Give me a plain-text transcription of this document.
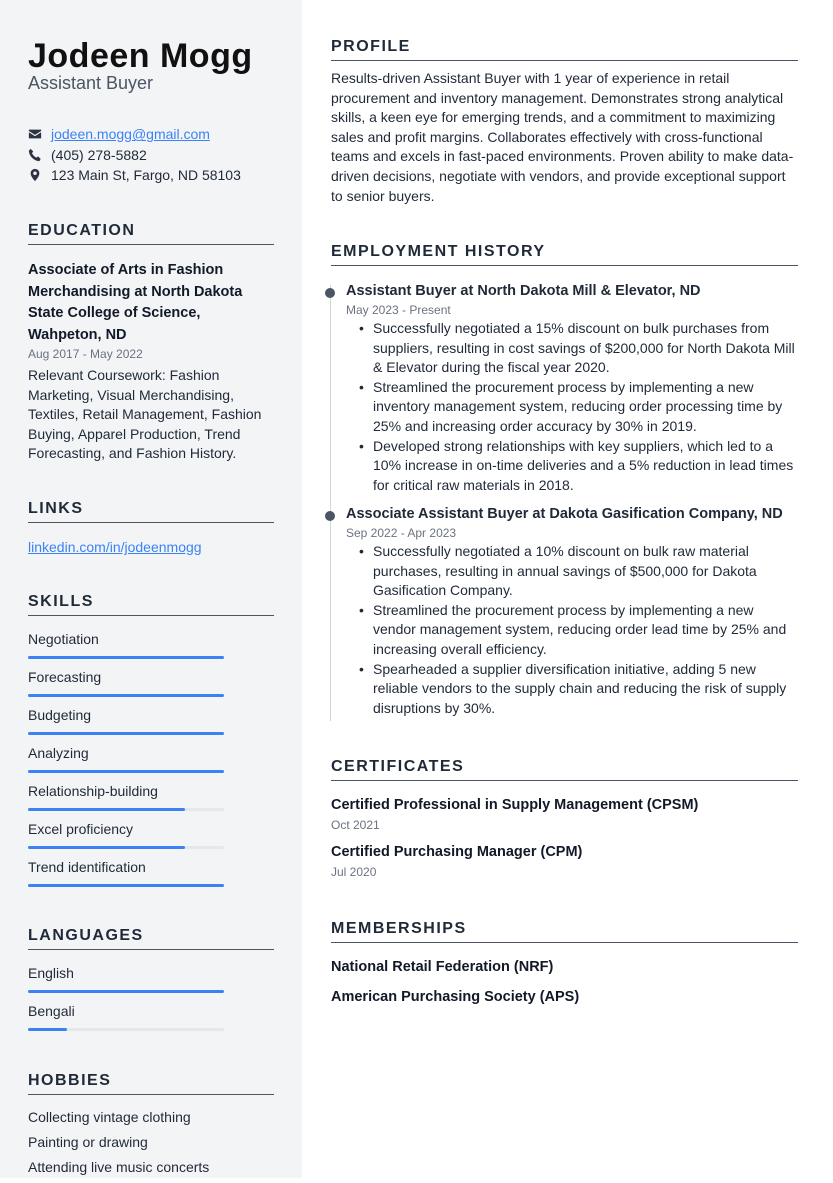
Jodeen Mogg
Assistant Buyer
jodeen.mogg@gmail.com
(405) 278-5882
123 Main St, Fargo, ND 58103
EDUCATION
Associate of Arts in Fashion Merchandising at North Dakota State College of Science, Wahpeton, ND
Aug 2017 - May 2022
Relevant Coursework: Fashion Marketing, Visual Merchandising, Textiles, Retail Management, Fashion Buying, Apparel Production, Trend Forecasting, and Fashion History.
LINKS
linkedin.com/in/jodeenmogg
SKILLS
Negotiation
Forecasting
Budgeting
Analyzing
Relationship-building
Excel proficiency
Trend identification
LANGUAGES
English
Bengali
HOBBIES
Collecting vintage clothing
Painting or drawing
Attending live music concerts
PROFILE
Results-driven Assistant Buyer with 1 year of experience in retail procurement and inventory management. Demonstrates strong analytical skills, a keen eye for emerging trends, and a commitment to maximizing sales and profit margins. Collaborates effectively with cross-functional teams and excels in fast-paced environments. Proven ability to make data-driven decisions, negotiate with vendors, and provide exceptional support to senior buyers.
EMPLOYMENT HISTORY
Assistant Buyer at North Dakota Mill & Elevator, ND
May 2023 - Present
• Successfully negotiated a 15% discount on bulk purchases from suppliers, resulting in cost savings of $200,000 for North Dakota Mill & Elevator during the fiscal year 2020.
• Streamlined the procurement process by implementing a new inventory management system, reducing order processing time by 25% and increasing order accuracy by 30% in 2019.
• Developed strong relationships with key suppliers, which led to a 10% increase in on-time deliveries and a 5% reduction in lead times for critical raw materials in 2018.
Associate Assistant Buyer at Dakota Gasification Company, ND
Sep 2022 - Apr 2023
• Successfully negotiated a 10% discount on bulk raw material purchases, resulting in annual savings of $500,000 for Dakota Gasification Company.
• Streamlined the procurement process by implementing a new vendor management system, reducing order lead time by 25% and increasing overall efficiency.
• Spearheaded a supplier diversification initiative, adding 5 new reliable vendors to the supply chain and reducing the risk of supply disruptions by 30%.
CERTIFICATES
Certified Professional in Supply Management (CPSM)
Oct 2021
Certified Purchasing Manager (CPM)
Jul 2020
MEMBERSHIPS
National Retail Federation (NRF)
American Purchasing Society (APS)
